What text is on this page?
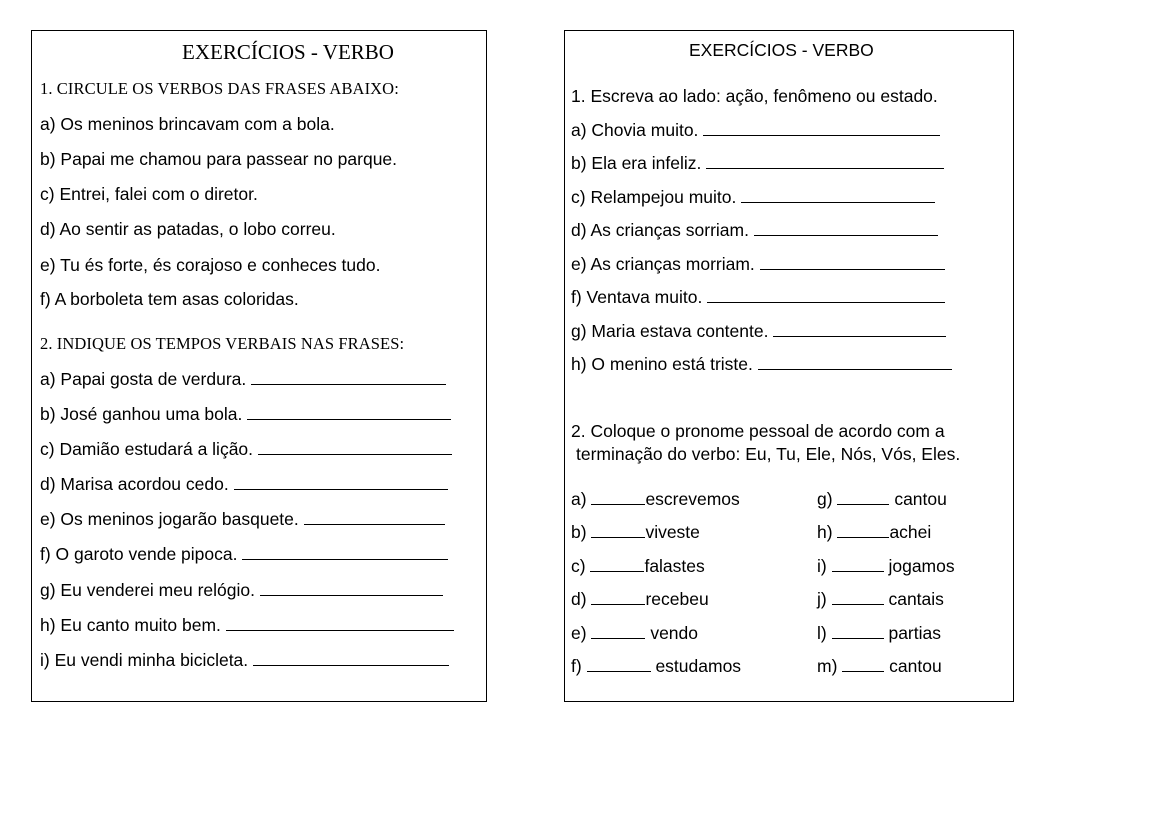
EXERCÍCIOS - VERBO
1. CIRCULE OS VERBOS DAS FRASES ABAIXO:
a) Os meninos brincavam com a bola.
b) Papai me chamou para passear no parque.
c) Entrei, falei com o diretor.
d) Ao sentir as patadas, o lobo correu.
e) Tu és forte, és corajoso e conheces tudo.
f) A borboleta tem asas coloridas.
2. INDIQUE OS TEMPOS VERBAIS NAS FRASES:
a) Papai gosta de verdura.
b) José ganhou uma bola.
c) Damião estudará a lição.
d) Marisa acordou cedo.
e) Os meninos jogarão basquete.
f) O garoto vende pipoca.
g) Eu venderei meu relógio.
h) Eu canto muito bem.
i) Eu vendi minha bicicleta.
EXERCÍCIOS - VERBO
1. Escreva ao lado: ação, fenômeno ou estado.
a) Chovia muito.
b) Ela era infeliz.
c) Relampejou muito.
d) As crianças sorriam.
e) As crianças morriam.
f) Ventava muito.
g) Maria estava contente.
h) O menino está triste.
2. Coloque o pronome pessoal de acordo com a
terminação do verbo: Eu, Tu, Ele, Nós, Vós, Eles.
a)	escrevemos
b)	viveste
c)	falastes
d)	recebeu
e)	vendo
f)	estudamos
g)	cantou
h)	achei
i)	jogamos
j)	cantais
l)	partias
m)	cantou
